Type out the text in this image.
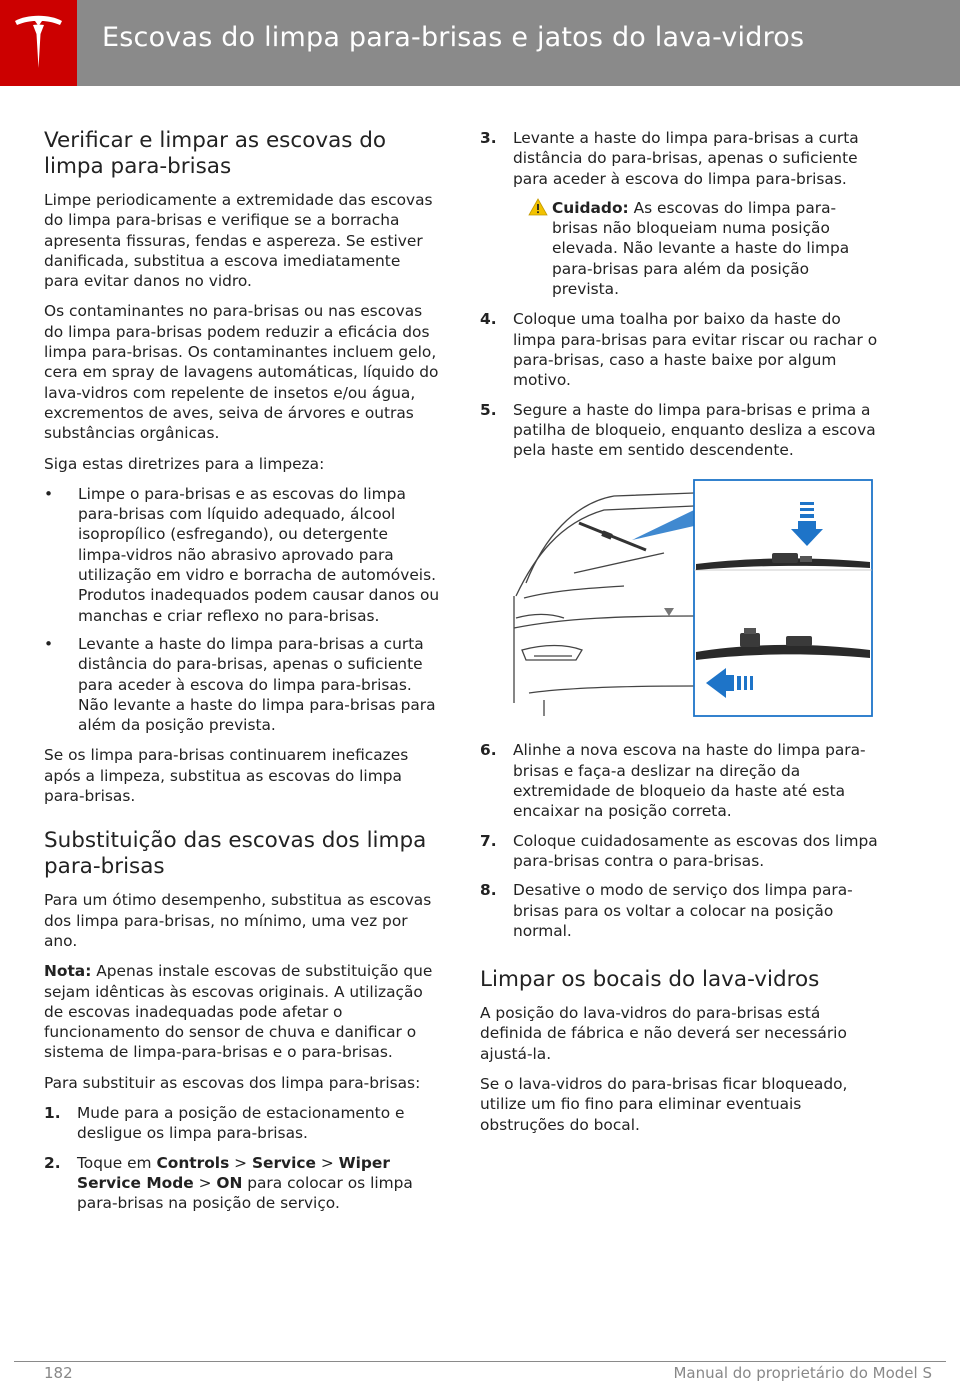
Escovas do limpa para-brisas e jatos do lava-vidros
Verificar e limpar as escovas do limpa para-brisas

Limpe periodicamente a extremidade das escovas do limpa para-brisas e verifique se a borracha apresenta fissuras, fendas e aspereza. Se estiver danificada, substitua a escova imediatamente para evitar danos no vidro.

Os contaminantes no para-brisas ou nas escovas do limpa para-brisas podem reduzir a eficácia dos limpa para-brisas. Os contaminantes incluem gelo, cera em spray de lavagens automáticas, líquido do lava-vidros com repelente de insetos e/ou água, excrementos de aves, seiva de árvores e outras substâncias orgânicas.

Siga estas diretrizes para a limpeza:

• Limpe o para-brisas e as escovas do limpa para-brisas com líquido adequado, álcool isopropílico (esfregando), ou detergente limpa-vidros não abrasivo aprovado para utilização em vidro e borracha de automóveis. Produtos inadequados podem causar danos ou manchas e criar reflexo no para-brisas.
• Levante a haste do limpa para-brisas a curta distância do para-brisas, apenas o suficiente para aceder à escova do limpa para-brisas. Não levante a haste do limpa para-brisas para além da posição prevista.

Se os limpa para-brisas continuarem ineficazes após a limpeza, substitua as escovas do limpa para-brisas.

Substituição das escovas dos limpa para-brisas

Para um ótimo desempenho, substitua as escovas dos limpa para-brisas, no mínimo, uma vez por ano.

Nota: Apenas instale escovas de substituição que sejam idênticas às escovas originais. A utilização de escovas inadequadas pode afetar o funcionamento do sensor de chuva e danificar o sistema de limpa-para-brisas e o para-brisas.

Para substituir as escovas dos limpa para-brisas:

1. Mude para a posição de estacionamento e desligue os limpa para-brisas.
2. Toque em Controls > Service > Wiper Service Mode > ON para colocar os limpa para-brisas na posição de serviço.
3. Levante a haste do limpa para-brisas a curta distância do para-brisas, apenas o suficiente para aceder à escova do limpa para-brisas.
Cuidado: As escovas do limpa para-brisas não bloqueiam numa posição elevada. Não levante a haste do limpa para-brisas para além da posição prevista.
4. Coloque uma toalha por baixo da haste do limpa para-brisas para evitar riscar ou rachar o para-brisas, caso a haste baixe por algum motivo.
5. Segure a haste do limpa para-brisas e prima a patilha de bloqueio, enquanto desliza a escova pela haste em sentido descendente.
6. Alinhe a nova escova na haste do limpa para-brisas e faça-a deslizar na direção da extremidade de bloqueio da haste até esta encaixar na posição correta.
7. Coloque cuidadosamente as escovas dos limpa para-brisas contra o para-brisas.
8. Desative o modo de serviço dos limpa para-brisas para os voltar a colocar na posição normal.
Limpar os bocais do lava-vidros

A posição do lava-vidros do para-brisas está definida de fábrica e não deverá ser necessário ajustá-la.

Se o lava-vidros do para-brisas ficar bloqueado, utilize um fio fino para eliminar eventuais obstruções do bocal.

182	Manual do proprietário do Model S
